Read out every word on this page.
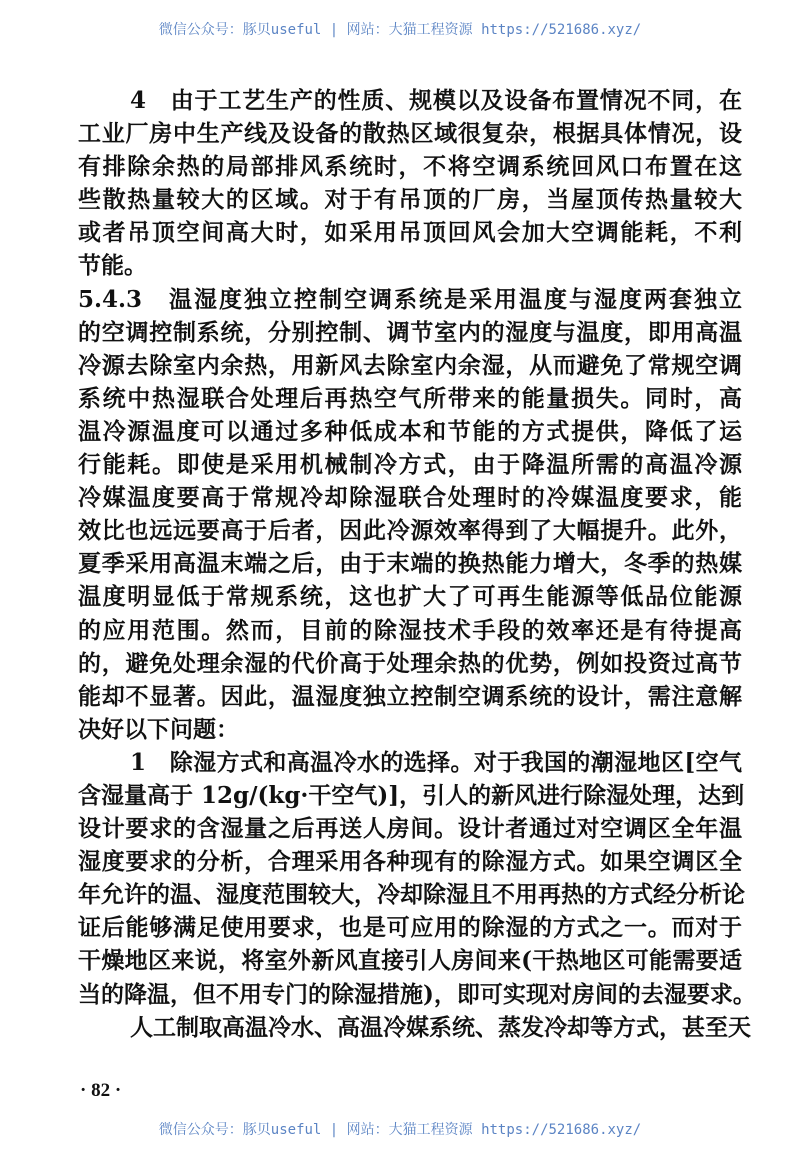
微信公众号：豚贝useful | 网站：大猫工程资源 https://521686.xyz/
4　由于工艺生产的性质、规模以及设备布置情况不同，在
工业厂房中生产线及设备的散热区域很复杂，根据具体情况，设
有排除余热的局部排风系统时，不将空调系统回风口布置在这
些散热量较大的区域。对于有吊顶的厂房，当屋顶传热量较大
或者吊顶空间高大时，如采用吊顶回风会加大空调能耗，不利
节能。
5.4.3　温湿度独立控制空调系统是采用温度与湿度两套独立
的空调控制系统，分别控制、调节室内的湿度与温度，即用高温
冷源去除室内余热，用新风去除室内余湿，从而避免了常规空调
系统中热湿联合处理后再热空气所带来的能量损失。同时，高
温冷源温度可以通过多种低成本和节能的方式提供，降低了运
行能耗。即使是采用机械制冷方式，由于降温所需的高温冷源
冷媒温度要高于常规冷却除湿联合处理时的冷媒温度要求，能
效比也远远要高于后者，因此冷源效率得到了大幅提升。此外，
夏季采用高温末端之后，由于末端的换热能力增大，冬季的热媒
温度明显低于常规系统，这也扩大了可再生能源等低品位能源
的应用范围。然而，目前的除湿技术手段的效率还是有待提高
的，避免处理余湿的代价高于处理余热的优势，例如投资过高节
能却不显著。因此，温湿度独立控制空调系统的设计，需注意解
决好以下问题：
1　除湿方式和高温冷水的选择。对于我国的潮湿地区[空气
含湿量高于 12g/(kg·干空气)]，引人的新风进行除湿处理，达到
设计要求的含湿量之后再送人房间。设计者通过对空调区全年温
湿度要求的分析，合理采用各种现有的除湿方式。如果空调区全
年允许的温、湿度范围较大，冷却除湿且不用再热的方式经分析论
证后能够满足使用要求，也是可应用的除湿的方式之一。而对于
干燥地区来说，将室外新风直接引人房间来(干热地区可能需要适
当的降温，但不用专门的除湿措施)，即可实现对房间的去湿要求。
人工制取高温冷水、高温冷媒系统、蒸发冷却等方式，甚至天
· 82 ·
微信公众号：豚贝useful | 网站：大猫工程资源 https://521686.xyz/
